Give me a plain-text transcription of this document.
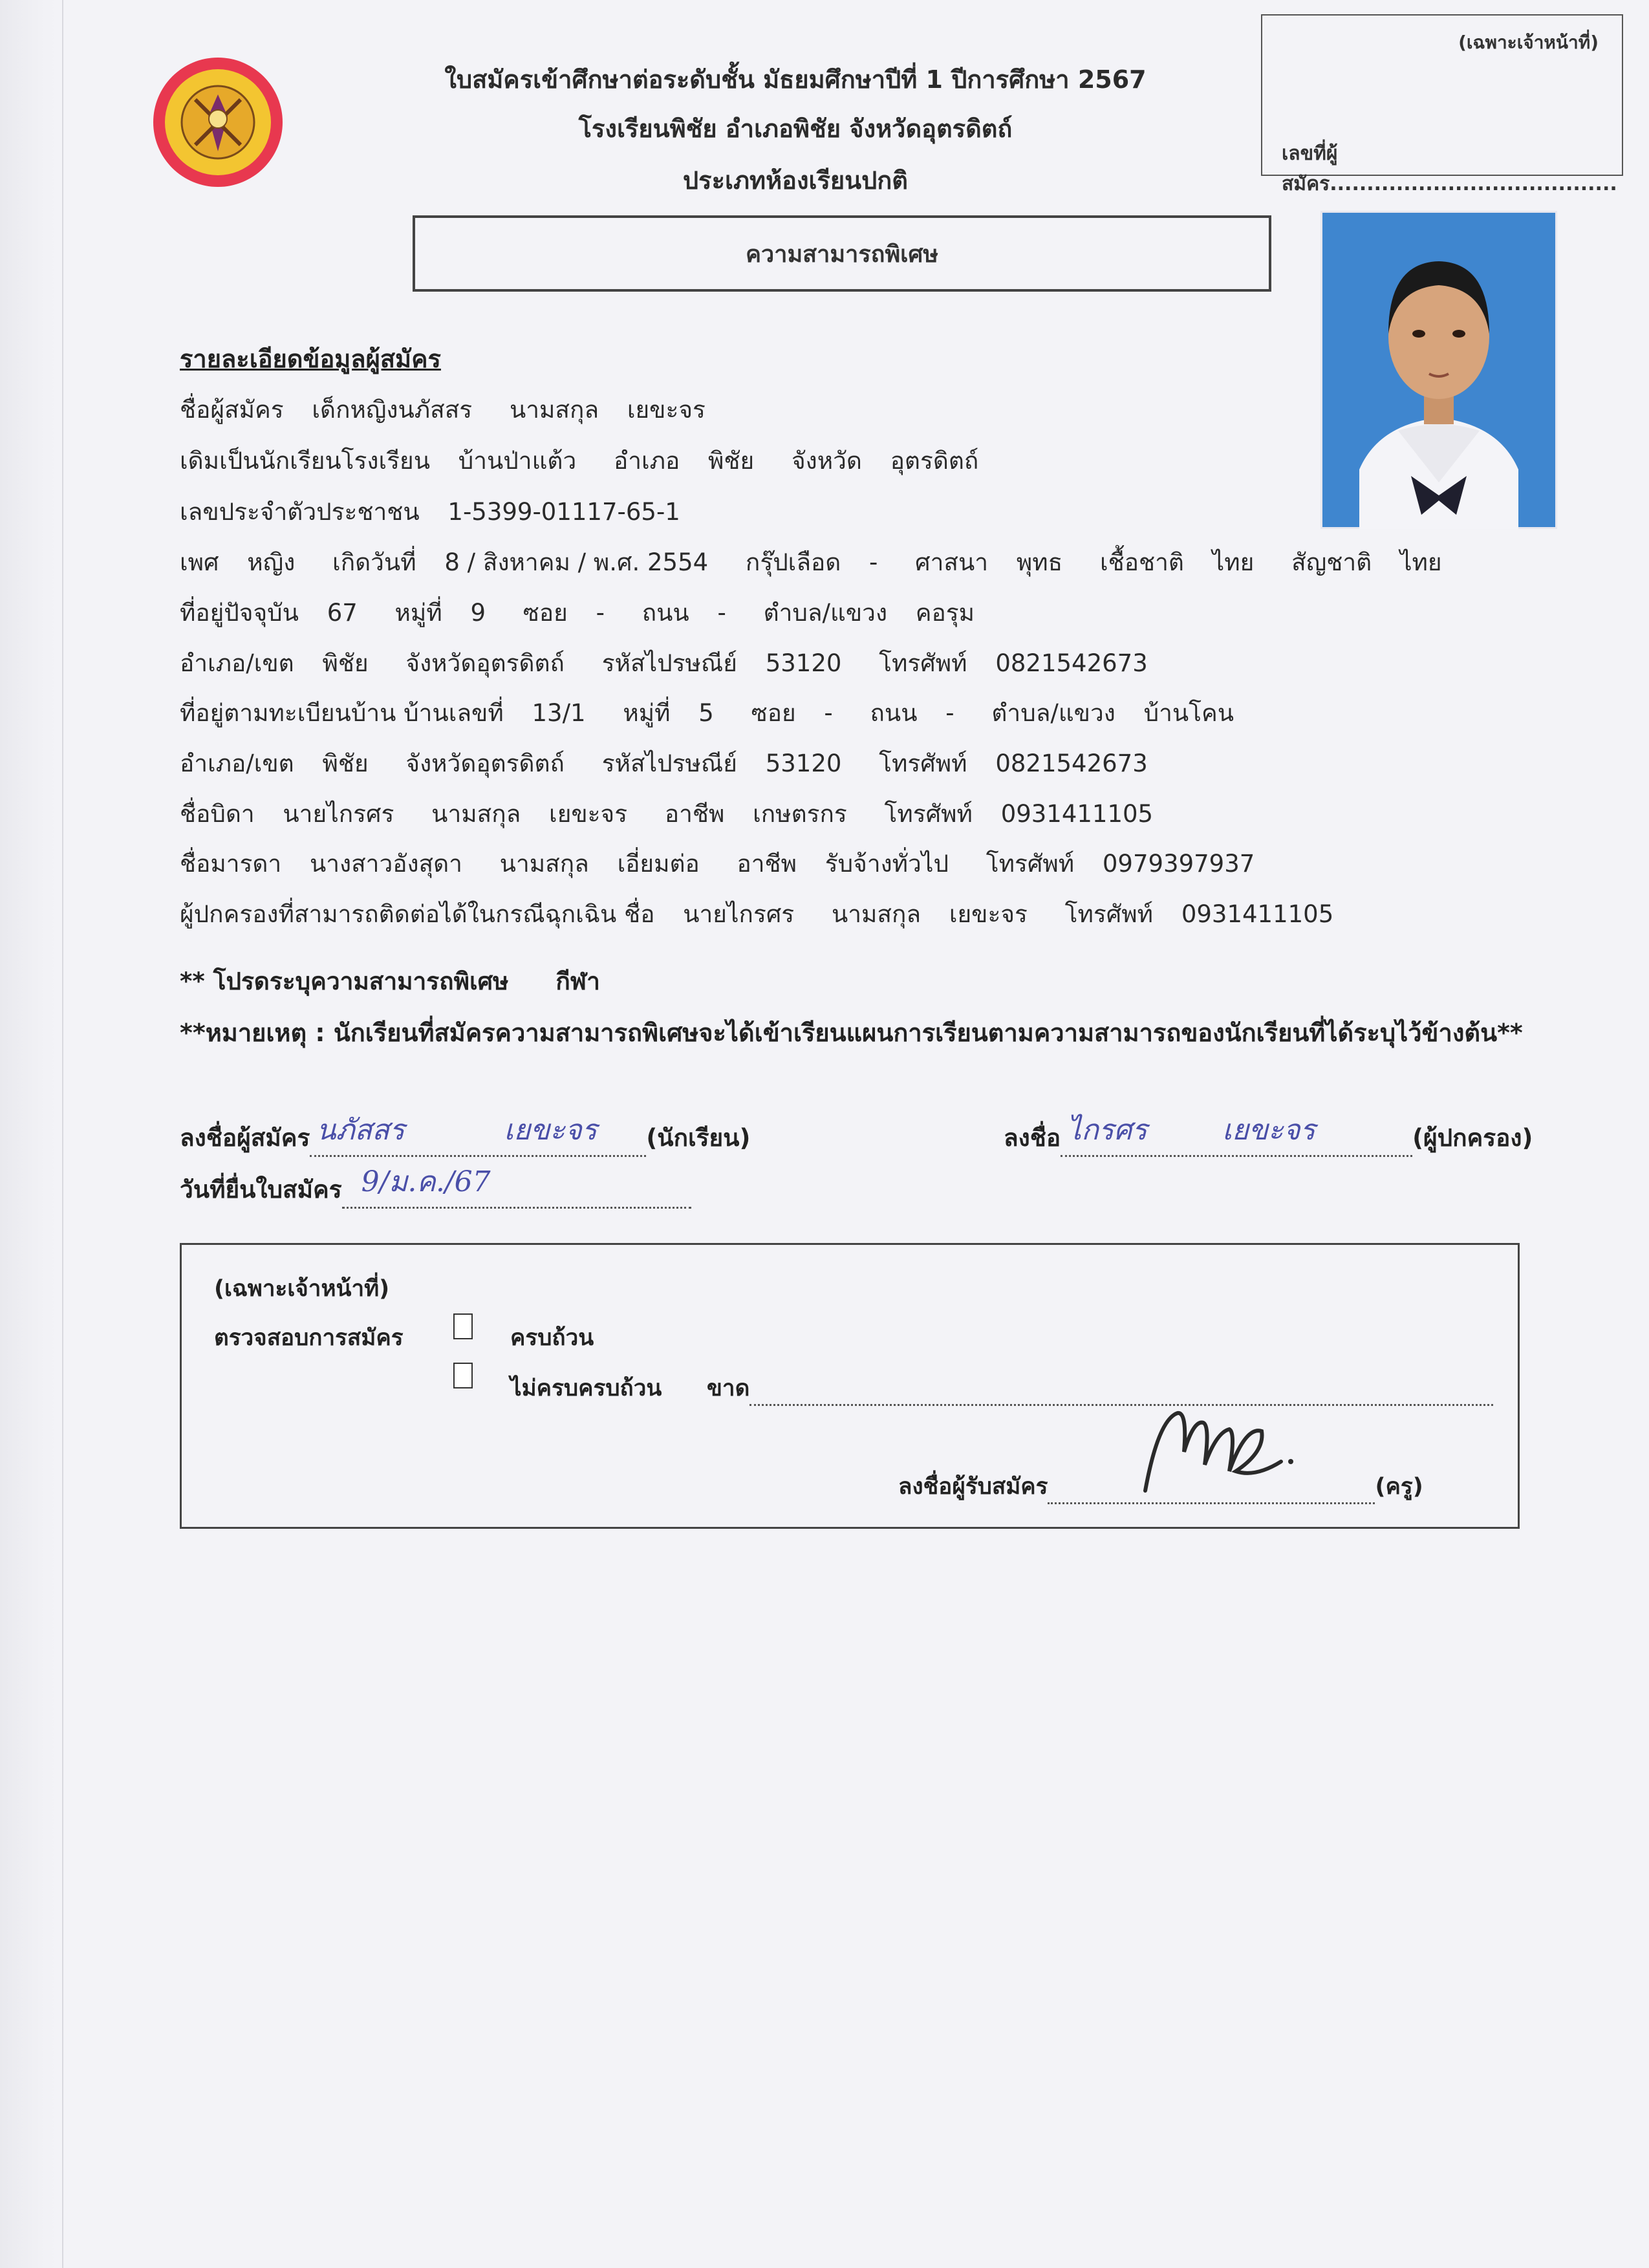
ใบสมัครเข้าศึกษาต่อระดับชั้น มัธยมศึกษาปีที่ 1 ปีการศึกษา 2567
โรงเรียนพิชัย อำเภอพิชัย จังหวัดอุตรดิตถ์
ประเภทห้องเรียนปกติ
(เฉพาะเจ้าหน้าที่)
เลขที่ผู้สมัคร.......................................
ความสามารถพิเศษ
รายละเอียดข้อมูลผู้สมัคร
ชื่อผู้สมัคร เด็กหญิงนภัสสร นามสกุล เยขะจร
เดิมเป็นนักเรียนโรงเรียน บ้านป่าแต้ว อำเภอ พิชัย จังหวัด อุตรดิตถ์
เลขประจำตัวประชาชน 1-5399-01117-65-1
เพศ หญิง เกิดวันที่ 8 / สิงหาคม / พ.ศ. 2554 กรุ๊ปเลือด - ศาสนา พุทธ เชื้อชาติ ไทย สัญชาติ ไทย
ที่อยู่ปัจจุบัน 67 หมู่ที่ 9 ซอย - ถนน - ตำบล/แขวง คอรุม
อำเภอ/เขต พิชัย จังหวัดอุตรดิตถ์ รหัสไปรษณีย์ 53120 โทรศัพท์ 0821542673
ที่อยู่ตามทะเบียนบ้าน บ้านเลขที่ 13/1 หมู่ที่ 5 ซอย - ถนน - ตำบล/แขวง บ้านโคน
อำเภอ/เขต พิชัย จังหวัดอุตรดิตถ์ รหัสไปรษณีย์ 53120 โทรศัพท์ 0821542673
ชื่อบิดา นายไกรศร นามสกุล เยขะจร อาชีพ เกษตรกร โทรศัพท์ 0931411105
ชื่อมารดา นางสาวอังสุดา นามสกุล เอี่ยมต่อ อาชีพ รับจ้างทั่วไป โทรศัพท์ 0979397937
ผู้ปกครองที่สามารถติดต่อได้ในกรณีฉุกเฉิน ชื่อ นายไกรศร นามสกุล เยขะจร โทรศัพท์ 0931411105
** โปรดระบุความสามารถพิเศษ กีฬา
**หมายเหตุ : นักเรียนที่สมัครความสามารถพิเศษจะได้เข้าเรียนแผนการเรียนตามความสามารถของนักเรียนที่ได้ระบุไว้ข้างต้น**
ลงชื่อผู้สมัคร นภัสสร	เยขะจร (นักเรียน)	ลงชื่อ ไกรศร	เยขะจร	(ผู้ปกครอง)
วันที่ยื่นใบสมัคร 9/ม.ค./67
(เฉพาะเจ้าหน้าที่)
ตรวจสอบการสมัคร	ครบถ้วน
ไม่ครบครบถ้วน ขาด
ลงชื่อผู้รับสมัคร	(ครู)
